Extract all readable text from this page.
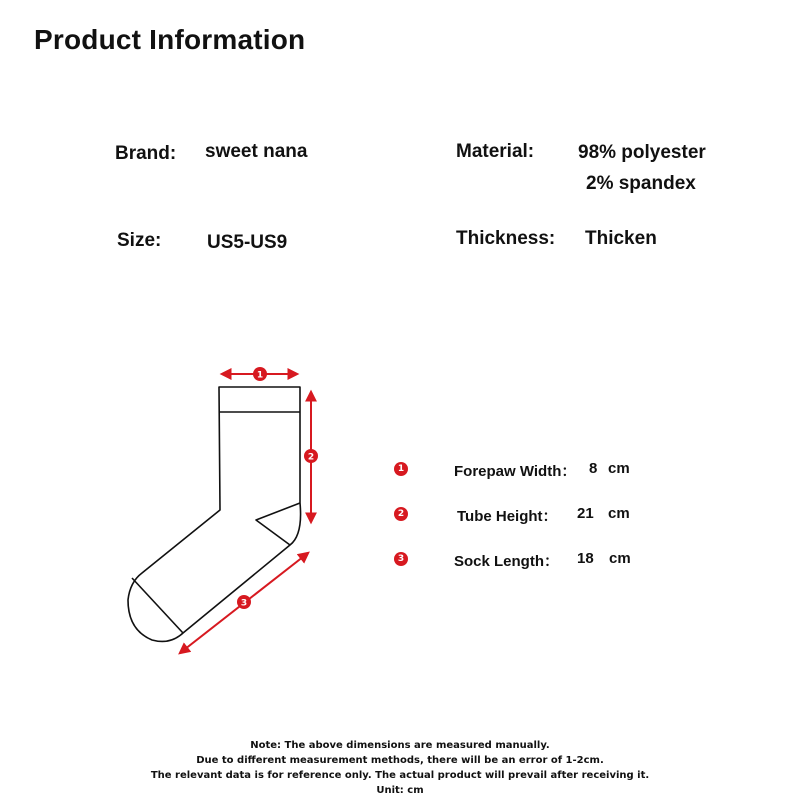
Product Information
Brand: sweet nana	Material: 98% polyester
2% spandex
Size: US5-US9	Thickness: Thicken
1
2
3
1	Forepaw Width： 8 cm
2	Tube Height： 21 cm
3	Sock Length： 18 cm
Note: The above dimensions are measured manually.
Due to different measurement methods, there will be an error of 1-2cm.
The relevant data is for reference only. The actual product will prevail after receiving it.
Unit: cm
